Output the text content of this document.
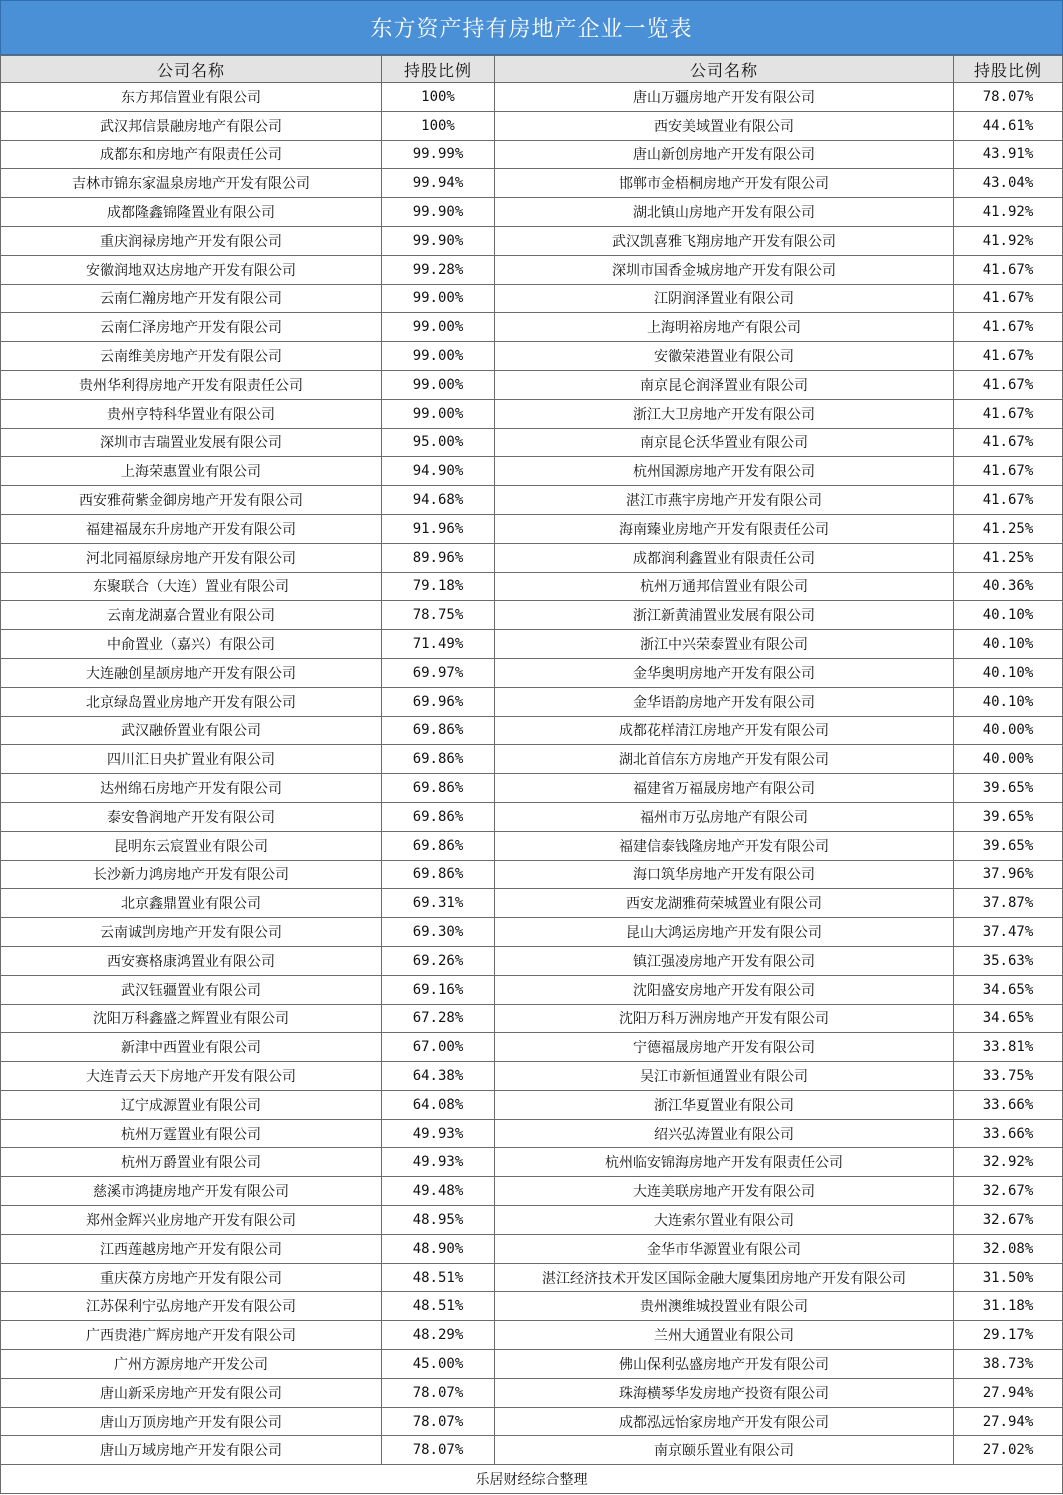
东方资产持有房地产企业一览表
公司名称	持股比例	公司名称	持股比例
东方邦信置业有限公司	100%	唐山万疆房地产开发有限公司	78.07%
武汉邦信景融房地产有限公司	100%	西安美域置业有限公司	44.61%
成都东和房地产有限责任公司	99.99%	唐山新创房地产开发有限公司	43.91%
吉林市锦东家温泉房地产开发有限公司	99.94%	邯郸市金梧桐房地产开发有限公司	43.04%
成都隆鑫锦隆置业有限公司	99.90%	湖北镇山房地产开发有限公司	41.92%
重庆润禄房地产开发有限公司	99.90%	武汉凯喜雅飞翔房地产开发有限公司	41.92%
安徽润地双达房地产开发有限公司	99.28%	深圳市国香金城房地产开发有限公司	41.67%
云南仁瀚房地产开发有限公司	99.00%	江阴润泽置业有限公司	41.67%
云南仁泽房地产开发有限公司	99.00%	上海明裕房地产有限公司	41.67%
云南维美房地产开发有限公司	99.00%	安徽荣港置业有限公司	41.67%
贵州华利得房地产开发有限责任公司	99.00%	南京昆仑润泽置业有限公司	41.67%
贵州亨特科华置业有限公司	99.00%	浙江大卫房地产开发有限公司	41.67%
深圳市吉瑞置业发展有限公司	95.00%	南京昆仑沃华置业有限公司	41.67%
上海荣惠置业有限公司	94.90%	杭州国源房地产开发有限公司	41.67%
西安雅荷紫金御房地产开发有限公司	94.68%	湛江市燕宇房地产开发有限公司	41.67%
福建福晟东升房地产开发有限公司	91.96%	海南臻业房地产开发有限责任公司	41.25%
河北同福原绿房地产开发有限公司	89.96%	成都润利鑫置业有限责任公司	41.25%
东聚联合（大连）置业有限公司	79.18%	杭州万通邦信置业有限公司	40.36%
云南龙湖嘉合置业有限公司	78.75%	浙江新黄浦置业发展有限公司	40.10%
中俞置业（嘉兴）有限公司	71.49%	浙江中兴荣泰置业有限公司	40.10%
大连融创星颉房地产开发有限公司	69.97%	金华奥明房地产开发有限公司	40.10%
北京绿岛置业房地产开发有限公司	69.96%	金华语韵房地产开发有限公司	40.10%
武汉融侨置业有限公司	69.86%	成都花样清江房地产开发有限公司	40.00%
四川汇日央扩置业有限公司	69.86%	湖北首信东方房地产开发有限公司	40.00%
达州绵石房地产开发有限公司	69.86%	福建省万福晟房地产有限公司	39.65%
泰安鲁润地产开发有限公司	69.86%	福州市万弘房地产有限公司	39.65%
昆明东云宸置业有限公司	69.86%	福建信泰钱隆房地产开发有限公司	39.65%
长沙新力鸿房地产开发有限公司	69.86%	海口筑华房地产开发有限公司	37.96%
北京鑫鼎置业有限公司	69.31%	西安龙湖雅荷荣城置业有限公司	37.87%
云南诚剀房地产开发有限公司	69.30%	昆山大鸿运房地产开发有限公司	37.47%
西安赛格康鸿置业有限公司	69.26%	镇江强凌房地产开发有限公司	35.63%
武汉钰疆置业有限公司	69.16%	沈阳盛安房地产开发有限公司	34.65%
沈阳万科鑫盛之辉置业有限公司	67.28%	沈阳万科万洲房地产开发有限公司	34.65%
新津中西置业有限公司	67.00%	宁德福晟房地产开发有限公司	33.81%
大连青云天下房地产开发有限公司	64.38%	吴江市新恒通置业有限公司	33.75%
辽宁成源置业有限公司	64.08%	浙江华夏置业有限公司	33.66%
杭州万霆置业有限公司	49.93%	绍兴弘涛置业有限公司	33.66%
杭州万爵置业有限公司	49.93%	杭州临安锦海房地产开发有限责任公司	32.92%
慈溪市鸿捷房地产开发有限公司	49.48%	大连美联房地产开发有限公司	32.67%
郑州金辉兴业房地产开发有限公司	48.95%	大连索尔置业有限公司	32.67%
江西莲越房地产开发有限公司	48.90%	金华市华源置业有限公司	32.08%
重庆葆方房地产开发有限公司	48.51%	湛江经济技术开发区国际金融大厦集团房地产开发有限公司	31.50%
江苏保利宁弘房地产开发有限公司	48.51%	贵州澳维城投置业有限公司	31.18%
广西贵港广辉房地产开发有限公司	48.29%	兰州大通置业有限公司	29.17%
广州方源房地产开发公司	45.00%	佛山保利弘盛房地产开发有限公司	38.73%
唐山新采房地产开发有限公司	78.07%	珠海横琴华发房地产投资有限公司	27.94%
唐山万顶房地产开发有限公司	78.07%	成都泓远怡家房地产开发有限公司	27.94%
唐山万域房地产开发有限公司	78.07%	南京颐乐置业有限公司	27.02%
乐居财经综合整理
